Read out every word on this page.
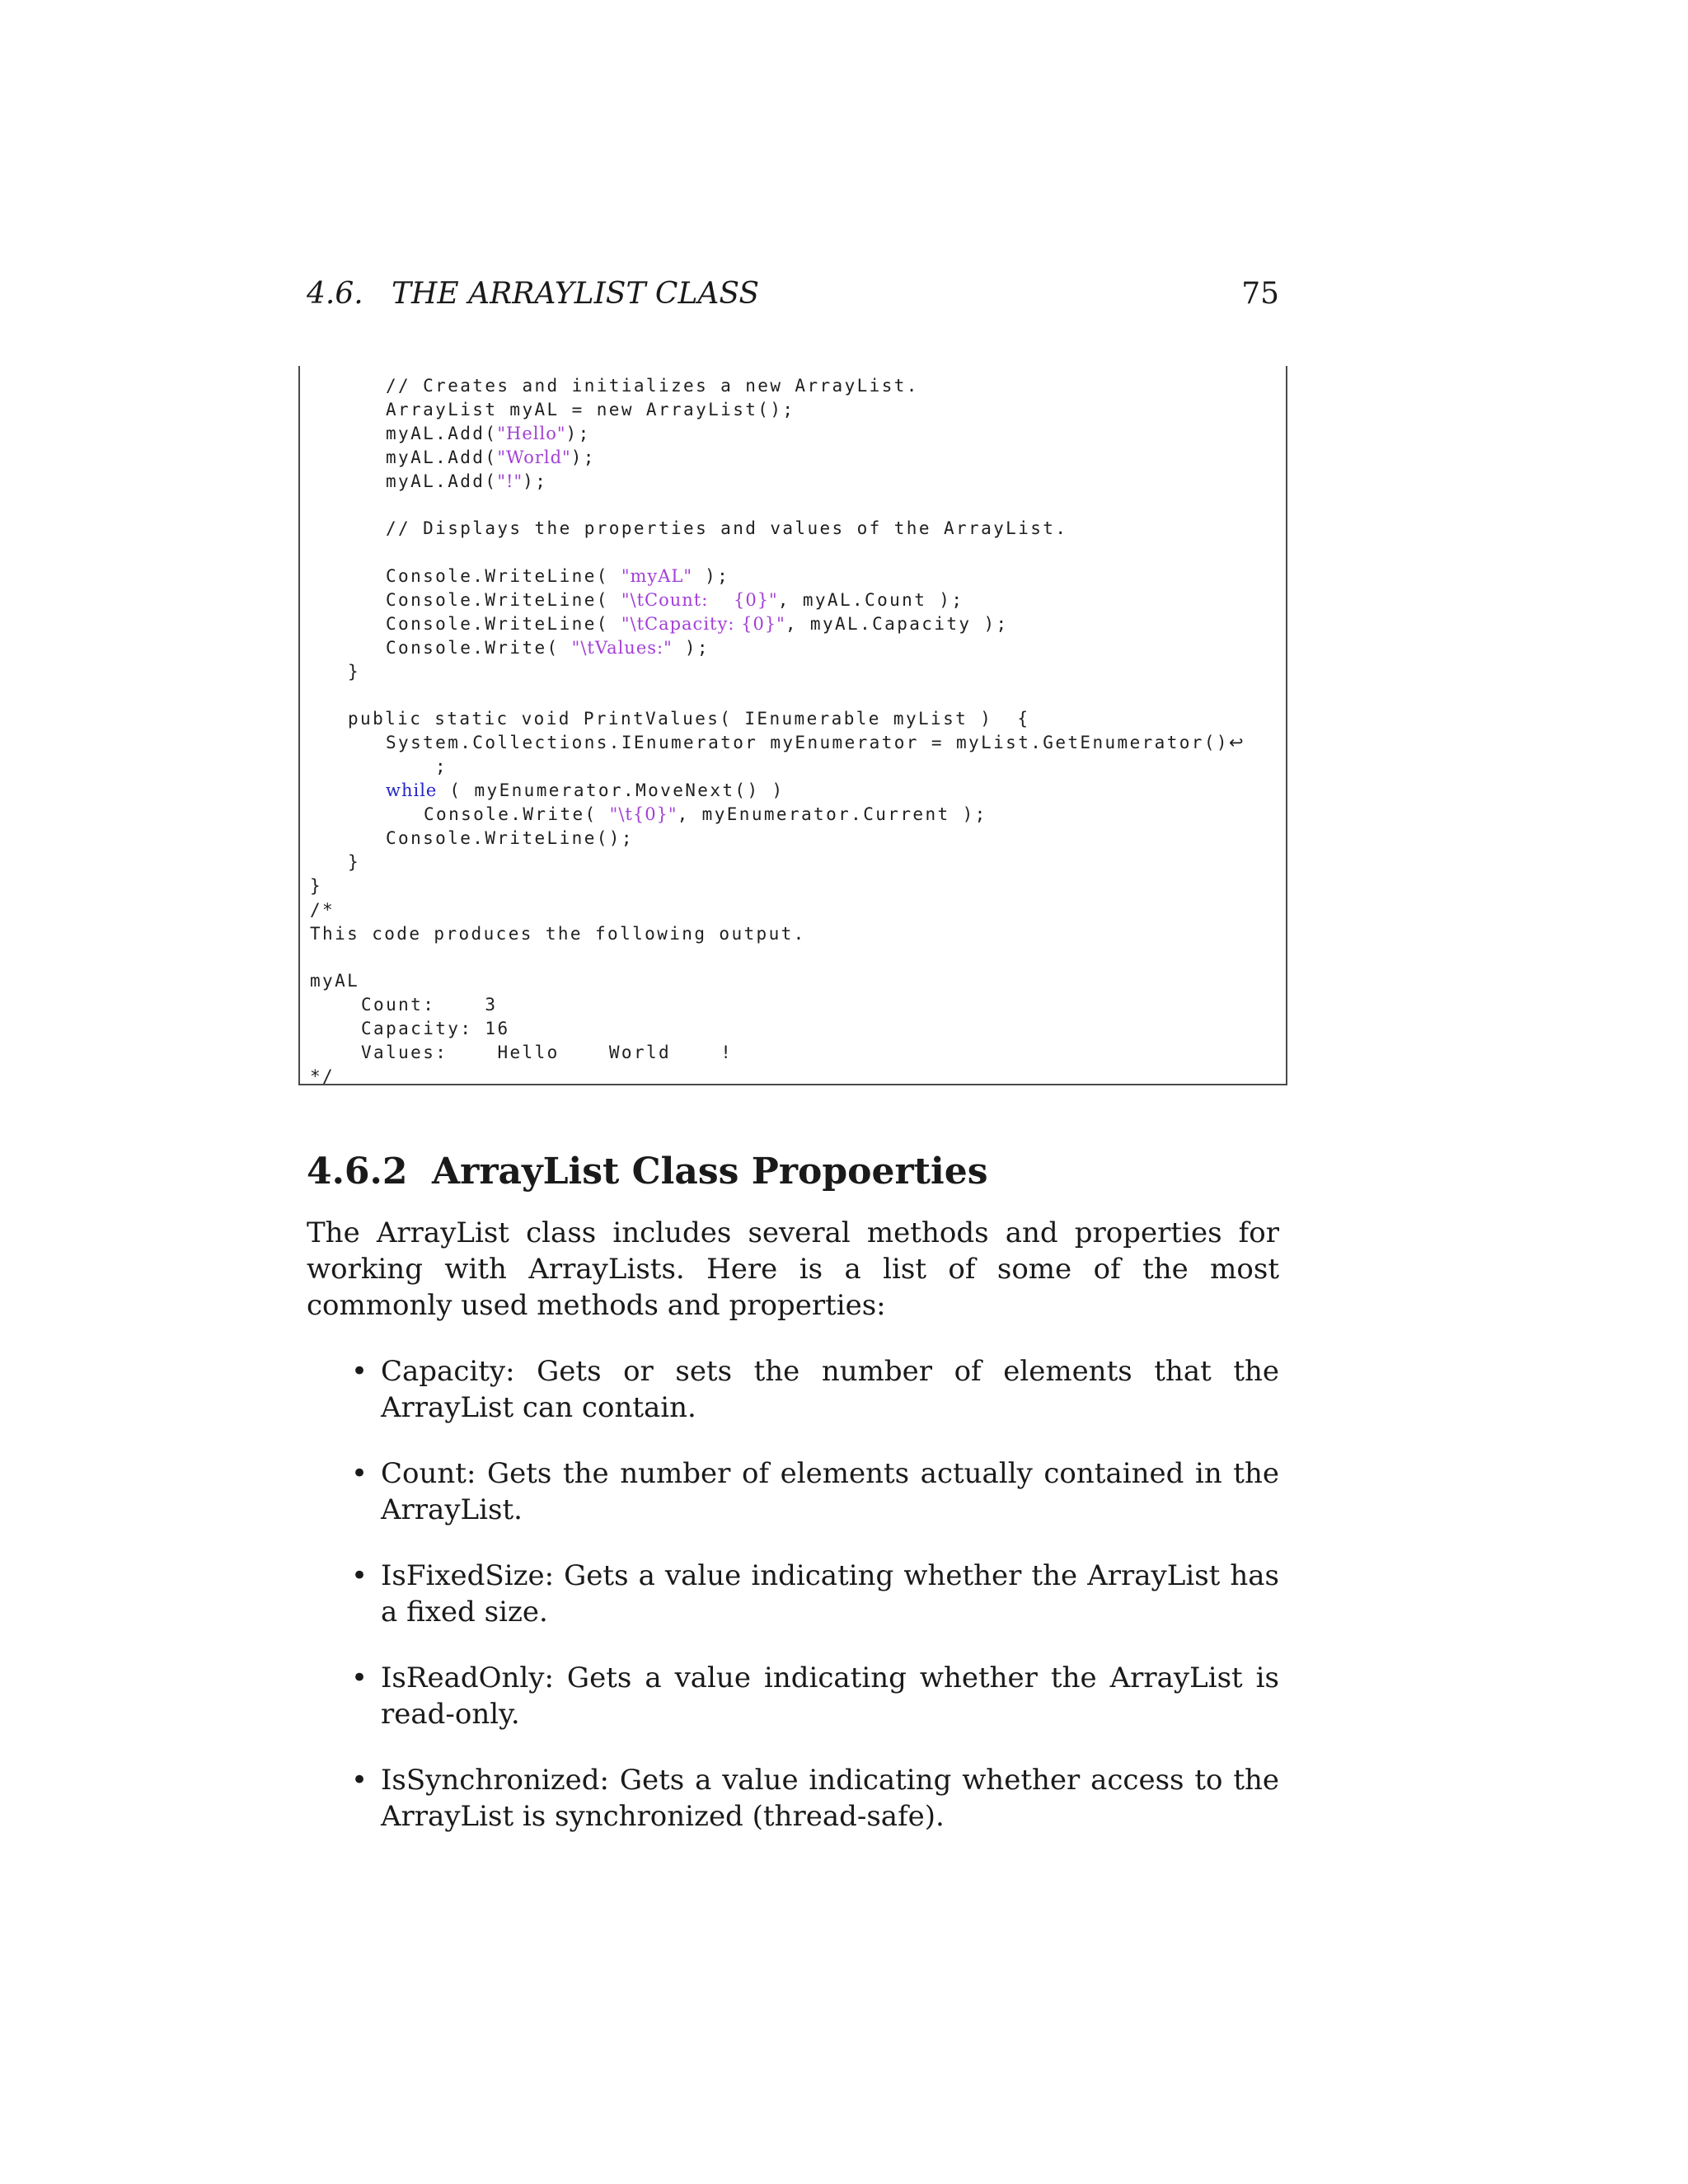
4.6.   THE ARRAYLIST CLASS	75
// Creates and initializes a new ArrayList.
ArrayList myAL = new ArrayList();
myAL.Add("Hello");
myAL.Add("World");
myAL.Add("!");
// Displays the properties and values of the ArrayList.
Console.WriteLine( "myAL" );
Console.WriteLine( "\tCount:    {0}", myAL.Count );
Console.WriteLine( "\tCapacity: {0}", myAL.Capacity );
Console.Write( "\tValues:" );
}
public static void PrintValues( IEnumerable myList )  {
System.Collections.IEnumerator myEnumerator = myList.GetEnumerator()↩
;
while ( myEnumerator.MoveNext() )
Console.Write( "\t{0}", myEnumerator.Current );
Console.WriteLine();
}
}
/*
This code produces the following output.
myAL
Count:    3
Capacity: 16
Values:    Hello    World    !
*/
4.6.2 ArrayList Class Propoerties

The ArrayList class includes several methods and properties for working with ArrayLists. Here is a list of some of the most commonly used methods and properties:

• Capacity: Gets or sets the number of elements that the ArrayList can contain.
• Count: Gets the number of elements actually contained in the ArrayList.
• IsFixedSize: Gets a value indicating whether the ArrayList has a fixed size.
• IsReadOnly: Gets a value indicating whether the ArrayList is read-only.
• IsSynchronized: Gets a value indicating whether access to the ArrayList is synchronized (thread-safe).
